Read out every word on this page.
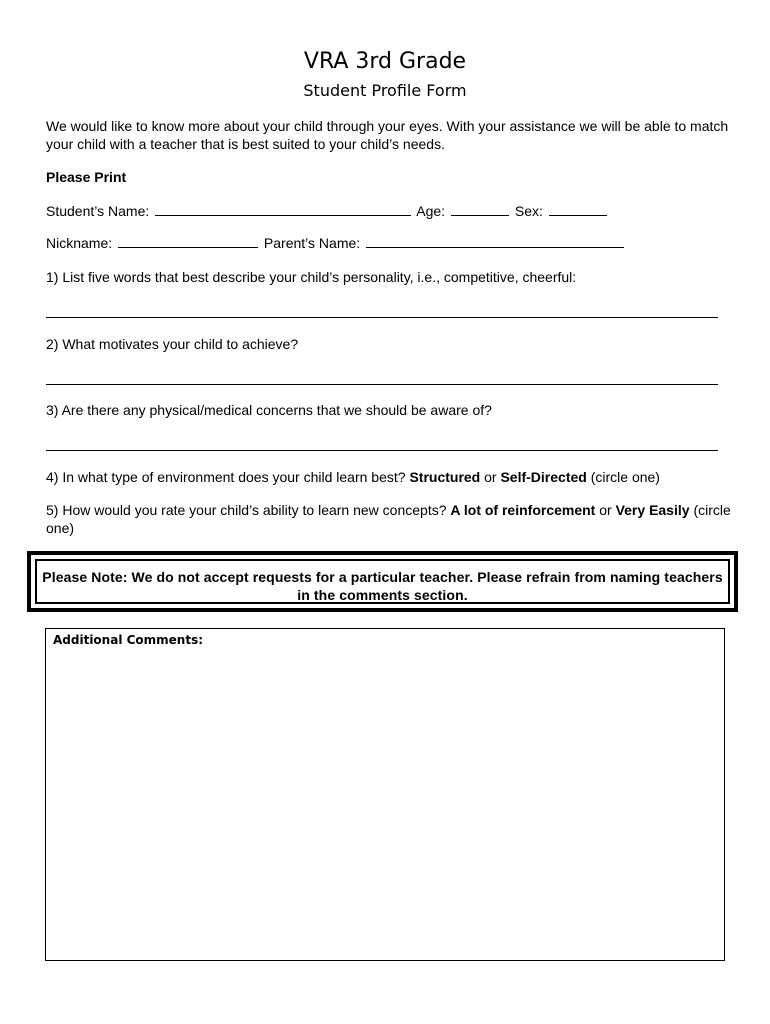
VRA 3rd Grade
Student Profile Form
We would like to know more about your child through your eyes. With your assistance we will be able to match your child with a teacher that is best suited to your child’s needs.
Please Print
Student’s Name:	Age:	Sex:
Nickname:	Parent’s Name:
1) List five words that best describe your child’s personality, i.e., competitive, cheerful:
2) What motivates your child to achieve?
3) Are there any physical/medical concerns that we should be aware of?
4) In what type of environment does your child learn best? Structured or Self-Directed (circle one)
5) How would you rate your child’s ability to learn new concepts? A lot of reinforcement or Very Easily (circle one)
Please Note: We do not accept requests for a particular teacher. Please refrain from naming teachers in the comments section.
Additional Comments:
